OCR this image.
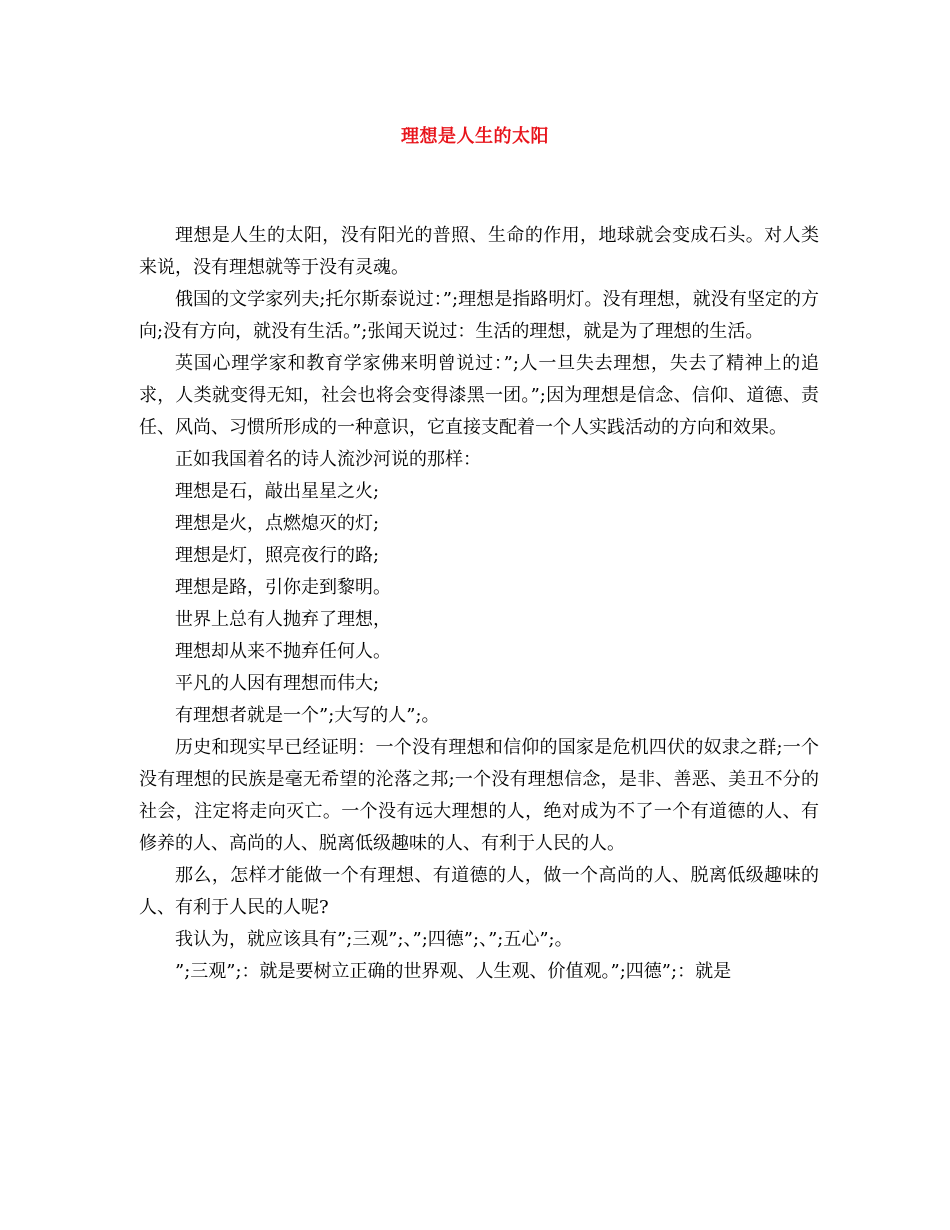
理想是人生的太阳

理想是人生的太阳，没有阳光的普照、生命的作用，地球就会变成石头。对人类来说，没有理想就等于没有灵魂。

俄国的文学家列夫;托尔斯泰说过：”;理想是指路明灯。没有理想，就没有坚定的方向;没有方向，就没有生活。”;张闻天说过：生活的理想，就是为了理想的生活。

英国心理学家和教育学家佛来明曾说过：”;人一旦失去理想，失去了精神上的追求，人类就变得无知，社会也将会变得漆黑一团。”;因为理想是信念、信仰、道德、责任、风尚、习惯所形成的一种意识，它直接支配着一个人实践活动的方向和效果。

正如我国着名的诗人流沙河说的那样：

理想是石，敲出星星之火;

理想是火，点燃熄灭的灯;

理想是灯，照亮夜行的路;

理想是路，引你走到黎明。

世界上总有人抛弃了理想，

理想却从来不抛弃任何人。

平凡的人因有理想而伟大;

有理想者就是一个”;大写的人”;。

历史和现实早已经证明：一个没有理想和信仰的国家是危机四伏的奴隶之群;一个没有理想的民族是毫无希望的沦落之邦;一个没有理想信念，是非、善恶、美丑不分的社会，注定将走向灭亡。一个没有远大理想的人，绝对成为不了一个有道德的人、有修养的人、高尚的人、脱离低级趣味的人、有利于人民的人。

那么，怎样才能做一个有理想、有道德的人，做一个高尚的人、脱离低级趣味的人、有利于人民的人呢?

我认为，就应该具有”;三观”;、”;四德”;、”;五心”;。

”;三观”;：就是要树立正确的世界观、人生观、价值观。”;四德”;：就是
